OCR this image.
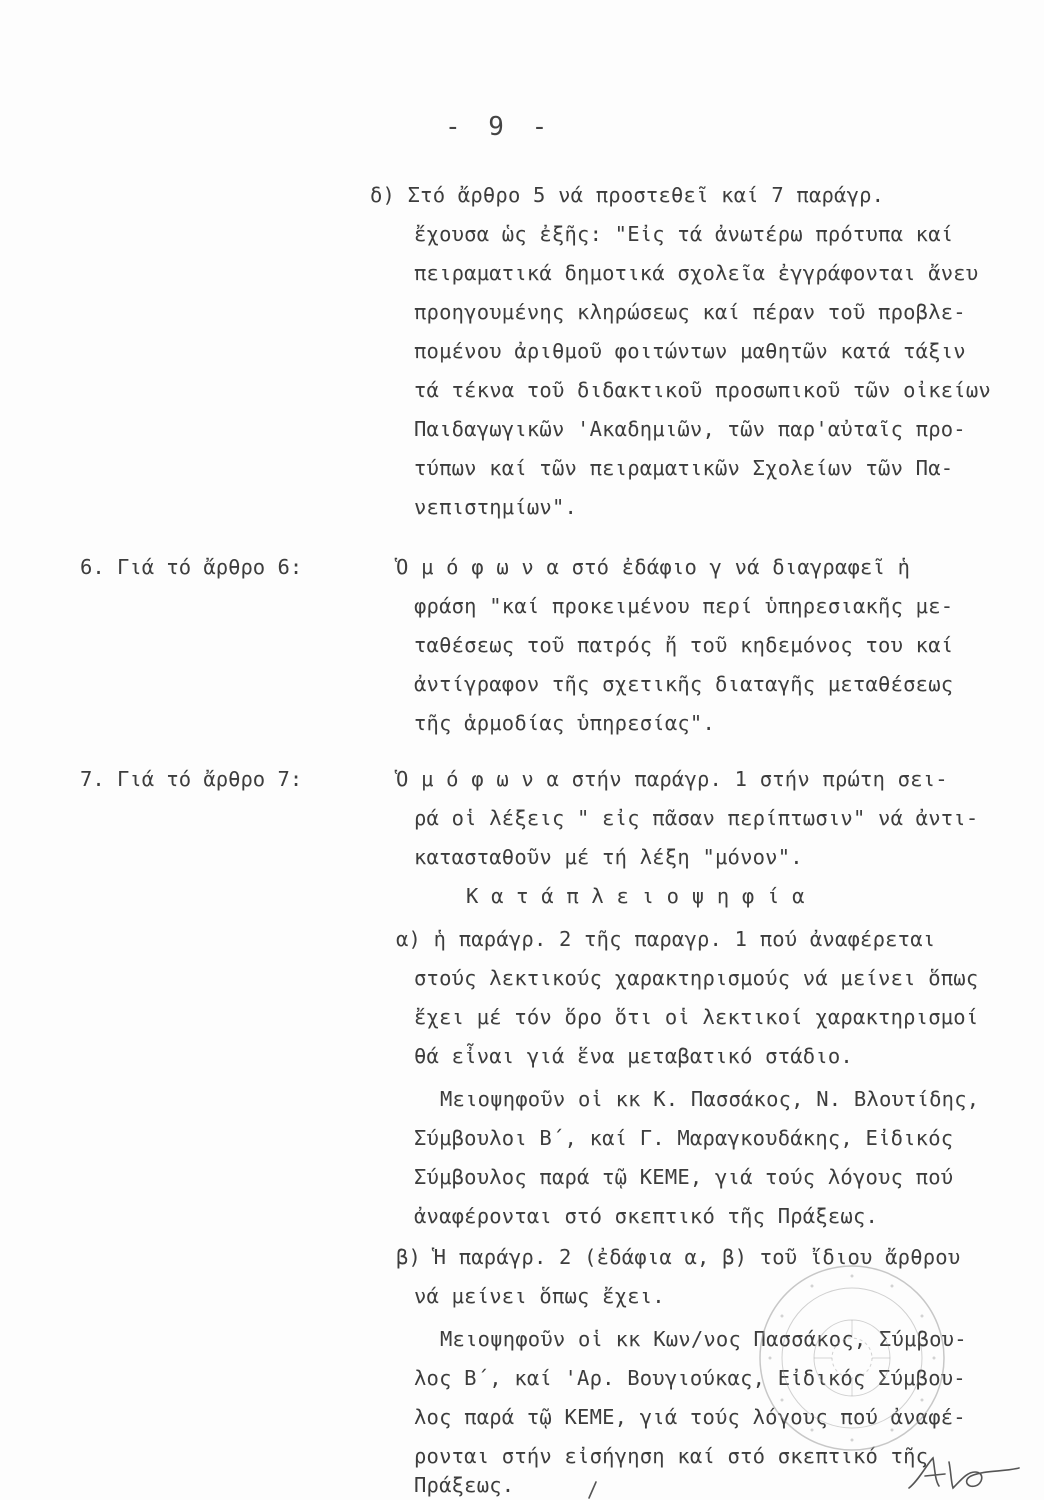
- 9 -
δ) Στό ἄρθρο 5 νά προστεθεῖ καί 7 παράγρ.
ἔχουσα ὡς ἐξῆς: "Εἰς τά ἀνωτέρω πρότυπα καί
πειραματικά δημοτικά σχολεῖα ἐγγράφονται ἄνευ
προηγουμένης κληρώσεως καί πέραν τοῦ προβλε-
πομένου ἀριθμοῦ φοιτώντων μαθητῶν κατά τάξιν
τά τέκνα τοῦ διδακτικοῦ προσωπικοῦ τῶν οἰκείων
Παιδαγωγικῶν 'Ακαδημιῶν, τῶν παρ'αὐταῖς προ-
τύπων καί τῶν πειραματικῶν Σχολείων τῶν Πα-
νεπιστημίων".
6. Γιά τό ἄρθρο 6:	Ὁ μ ό φ ω ν α στό ἐδάφιο γ νά διαγραφεῖ ἡ
φράση "καί προκειμένου περί ὑπηρεσιακῆς με-
ταθέσεως τοῦ πατρός ἤ τοῦ κηδεμόνος του καί
ἀντίγραφον τῆς σχετικῆς διαταγῆς μεταθέσεως
τῆς ἁρμοδίας ὑπηρεσίας".
7. Γιά τό ἄρθρο 7:	Ὁ μ ό φ ω ν α στήν παράγρ. 1 στήν πρώτη σει-
ρά οἱ λέξεις " εἰς πᾶσαν περίπτωσιν" νά ἀντι-
κατασταθοῦν μέ τή λέξη "μόνον".
Κ α τ ά π λ ε ι ο ψ η φ ί α
α) ἡ παράγρ. 2 τῆς παραγρ. 1 πού ἀναφέρεται
στούς λεκτικούς χαρακτηρισμούς νά μείνει ὅπως
ἔχει μέ τόν ὅρο ὅτι οἱ λεκτικοί χαρακτηρισμοί
θά εἶναι γιά ἕνα μεταβατικό στάδιο.
Μειοψηφοῦν οἱ κκ Κ. Πασσάκος, Ν. Βλουτίδης,
Σύμβουλοι Β΄, καί Γ. Μαραγκουδάκης, Εἰδικός
Σύμβουλος παρά τῷ ΚΕΜΕ, γιά τούς λόγους πού
ἀναφέρονται στό σκεπτικό τῆς Πράξεως.
β) Ἡ παράγρ. 2 (ἐδάφια α, β) τοῦ ἴδιου ἄρθρου
νά μείνει ὅπως ἔχει.
Μειοψηφοῦν οἱ κκ Κων/νος Πασσάκος, Σύμβου-
λος Β΄, καί 'Αρ. Βουγιούκας, Εἰδικός Σύμβου-
λος παρά τῷ ΚΕΜΕ, γιά τούς λόγους πού ἀναφέ-
ρονται στήν εἰσήγηση καί στό σκεπτικό τῆς
Πράξεως.
